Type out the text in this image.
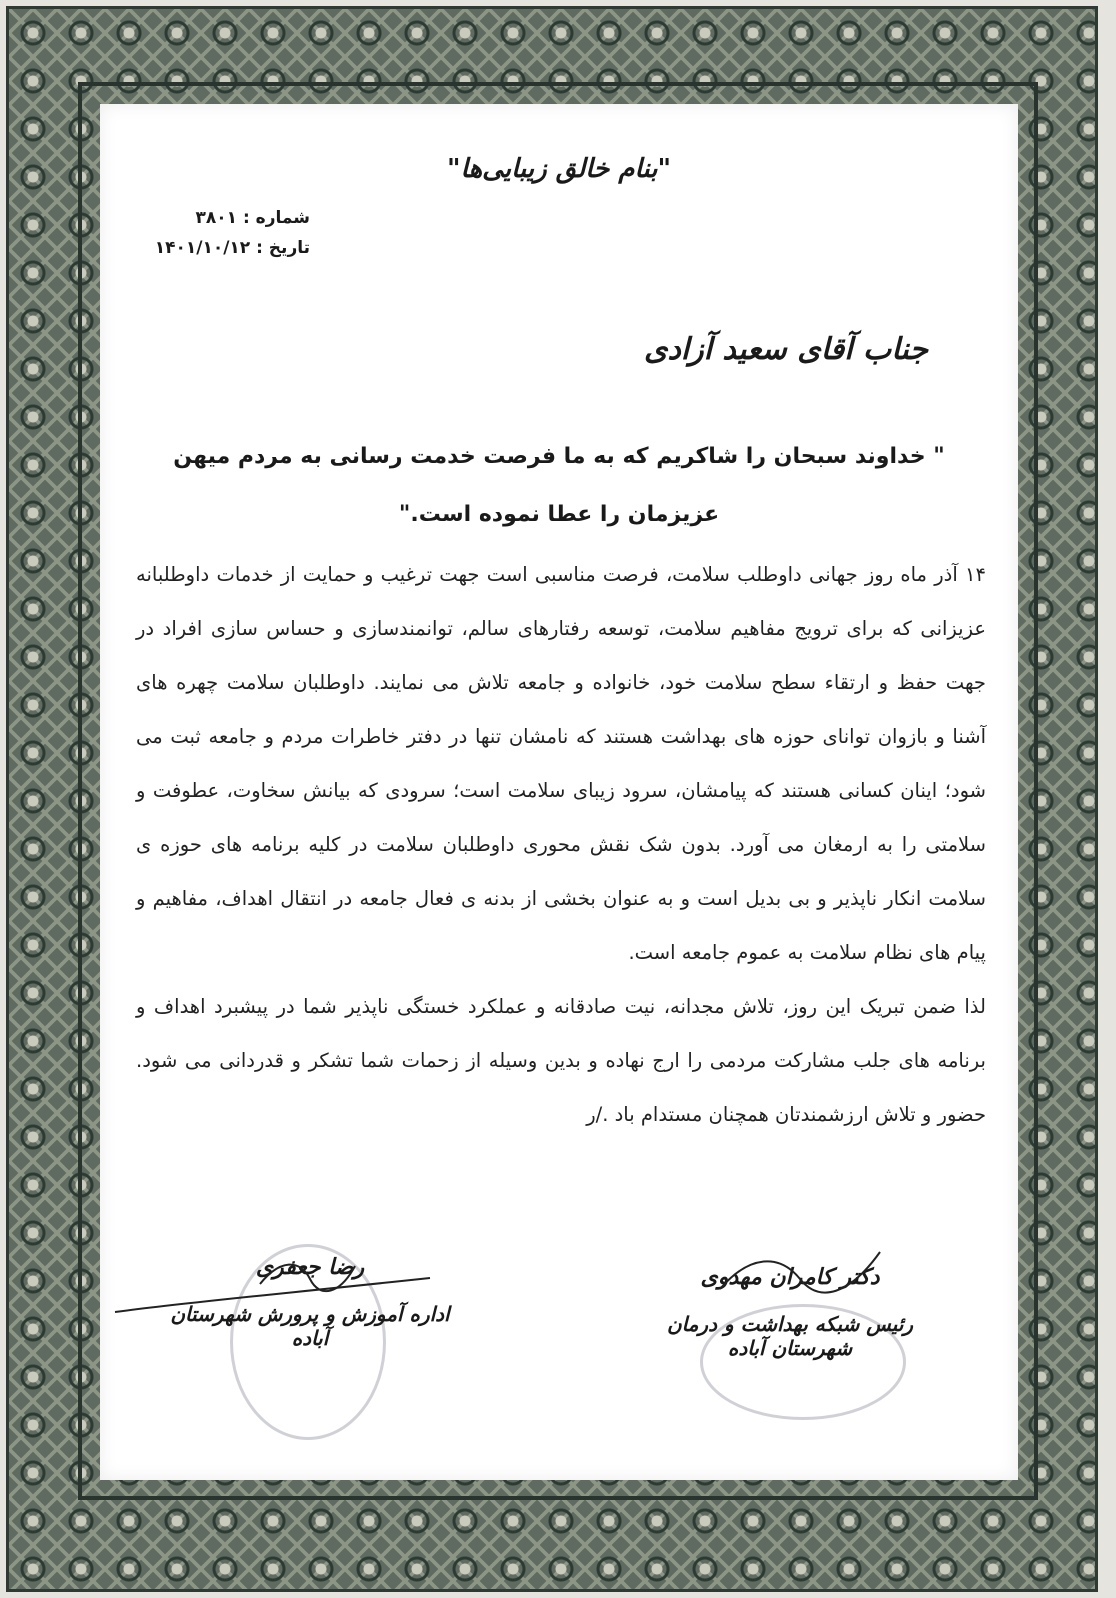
"بنام خالق زیبایی‌ها"
شماره : ۳۸۰۱
تاریخ : ۱۴۰۱/۱۰/۱۲
جناب آقای سعید آزادی
" خداوند سبحان را شاکریم که به ما فرصت خدمت رسانی به مردم میهن عزیزمان را عطا نموده است."

۱۴ آذر ماه روز جهانی داوطلب سلامت، فرصت مناسبی است جهت ترغیب و حمایت از خدمات داوطلبانه عزیزانی که برای ترویج مفاهیم سلامت، توسعه رفتارهای سالم، توانمندسازی و حساس سازی افراد در جهت حفظ و ارتقاء سطح سلامت خود، خانواده و جامعه تلاش می نمایند. داوطلبان سلامت چهره های آشنا و بازوان توانای حوزه های بهداشت هستند که نامشان تنها در دفتر خاطرات مردم و جامعه ثبت می شود؛ اینان کسانی هستند که پیامشان، سرود زیبای سلامت است؛ سرودی که بیانش سخاوت، عطوفت و سلامتی را به ارمغان می آورد. بدون شک نقش محوری داوطلبان سلامت در کلیه برنامه های حوزه ی سلامت انکار ناپذیر و بی بدیل است و به عنوان بخشی از بدنه ی فعال جامعه در انتقال اهداف، مفاهیم و پیام های نظام سلامت به عموم جامعه است.

لذا ضمن تبریک این روز، تلاش مجدانه، نیت صادقانه و عملکرد خستگی ناپذیر شما در پیشبرد اهداف و برنامه های جلب مشارکت مردمی را ارج نهاده و بدین وسیله از زحمات شما تشکر و قدردانی می شود. حضور و تلاش ارزشمندتان همچنان مستدام باد ./ر

رضا جعفری
اداره آموزش و پرورش شهرستان آباده
دکتر کامران مهدوی
رئیس شبکه بهداشت و درمان شهرستان آباده
